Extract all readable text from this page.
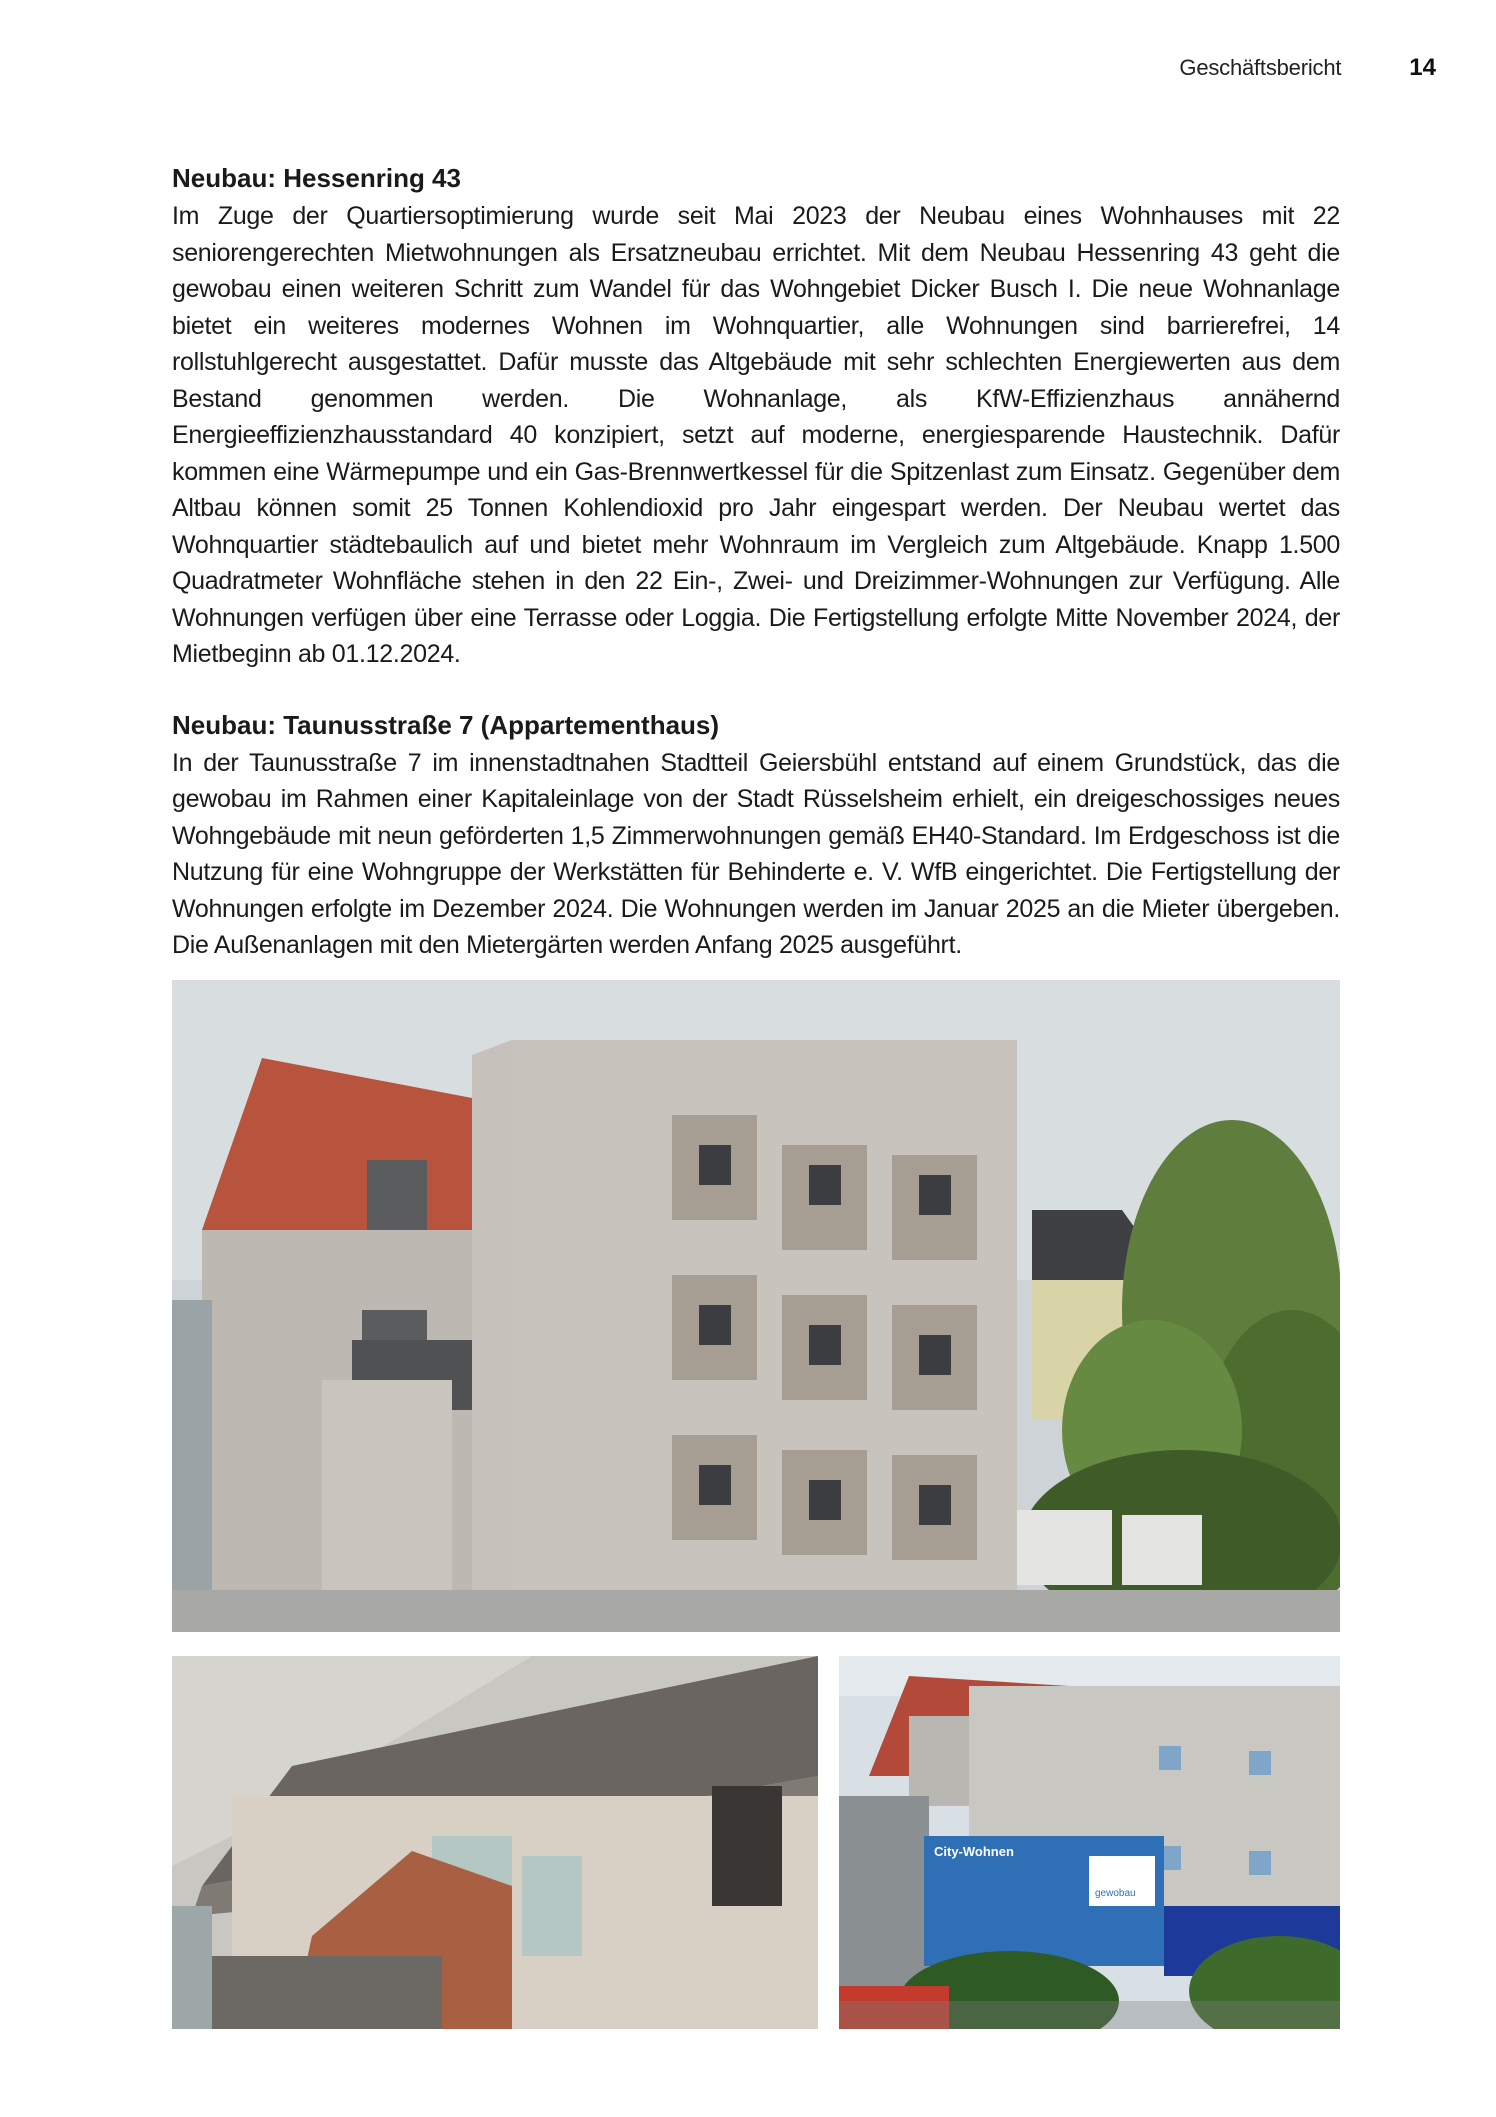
Geschäftsbericht	14
Neubau: Hessenring 43

Im Zuge der Quartiersoptimierung wurde seit Mai 2023 der Neubau eines Wohnhauses mit 22 seniorengerechten Mietwohnungen als Ersatzneubau errichtet. Mit dem Neubau Hessenring 43 geht die gewobau einen weiteren Schritt zum Wandel für das Wohngebiet Dicker Busch I. Die neue Wohnanlage bietet ein weiteres modernes Wohnen im Wohnquartier, alle Wohnungen sind barrierefrei, 14 rollstuhlgerecht ausgestattet. Dafür musste das Altgebäude mit sehr schlechten Energiewerten aus dem Bestand genommen werden. Die Wohnanlage, als KfW-Effizienzhaus annähernd Energieeffizienzhausstandard 40 konzipiert, setzt auf moderne, energiesparende Haustechnik. Dafür kommen eine Wärmepumpe und ein Gas-Brennwertkessel für die Spitzenlast zum Einsatz. Gegenüber dem Altbau können somit 25 Tonnen Kohlendioxid pro Jahr eingespart werden. Der Neubau wertet das Wohnquartier städtebaulich auf und bietet mehr Wohnraum im Vergleich zum Altgebäude. Knapp 1.500 Quadratmeter Wohnfläche stehen in den 22 Ein-, Zwei- und Dreizimmer-Wohnungen zur Verfügung. Alle Wohnungen verfügen über eine Terrasse oder Loggia. Die Fertigstellung erfolgte Mitte November 2024, der Mietbeginn ab 01.12.2024.

Neubau: Taunusstraße 7 (Appartementhaus)

In der Taunusstraße 7 im innenstadtnahen Stadtteil Geiersbühl entstand auf einem Grundstück, das die gewobau im Rahmen einer Kapitaleinlage von der Stadt Rüsselsheim erhielt, ein dreigeschossiges neues Wohngebäude mit neun geförderten 1,5 Zimmerwohnungen gemäß EH40-Standard. Im Erdgeschoss ist die Nutzung für eine Wohngruppe der Werkstätten für Behinderte e. V. WfB eingerichtet. Die Fertigstellung der Wohnungen erfolgte im Dezember 2024. Die Wohnungen werden im Januar 2025 an die Mieter übergeben. Die Außenanlagen mit den Mietergärten werden Anfang 2025 ausgeführt.

City-Wohnen
gewobau
